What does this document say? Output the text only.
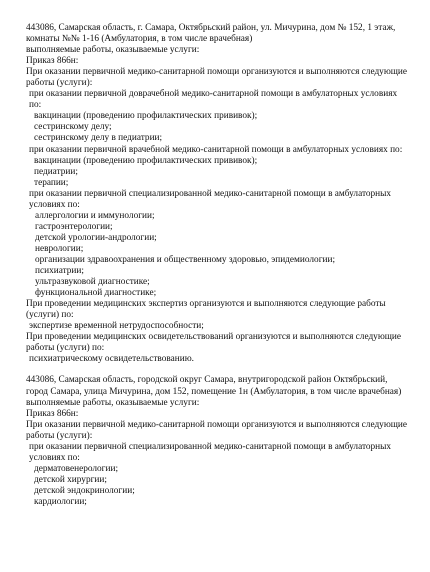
443086, Самарская область, г. Самара, Октябрьский район, ул. Мичурина, дом № 152, 1 этаж, комнаты №№ 1-16 (Амбулатория, в том числе врачебная)
выполняемые работы, оказываемые услуги:
Приказ 866н:
При оказании первичной медико-санитарной помощи организуются и выполняются следующие работы (услуги):
при оказании первичной доврачебной медико-санитарной помощи в амбулаторных условиях по:
вакцинации (проведению профилактических прививок);
сестринскому делу;
сестринскому делу в педиатрии;
при оказании первичной врачебной медико-санитарной помощи в амбулаторных условиях по:
вакцинации (проведению профилактических прививок);
педиатрии;
терапии;
при оказании первичной специализированной медико-санитарной помощи в амбулаторных условиях по:
аллергологии и иммунологии;
гастроэнтерологии;
детской урологии-андрологии;
неврологии;
организации здравоохранения и общественному здоровью, эпидемиологии;
психиатрии;
ультразвуковой диагностике;
функциональной диагностике;
При проведении медицинских экспертиз организуются и выполняются следующие работы (услуги) по:
экспертизе временной нетрудоспособности;
При проведении медицинских освидетельствований организуются и выполняются следующие работы (услуги) по:
психиатрическому освидетельствованию.
443086, Самарская область, городской округ Самара, внутригородской район Октябрьский, город Самара, улица Мичурина, дом 152, помещение 1н (Амбулатория, в том числе врачебная)
выполняемые работы, оказываемые услуги:
Приказ 866н:
При оказании первичной медико-санитарной помощи организуются и выполняются следующие работы (услуги):
при оказании первичной специализированной медико-санитарной помощи в амбулаторных условиях по:
дерматовенерологии;
детской хирургии;
детской эндокринологии;
кардиологии;
